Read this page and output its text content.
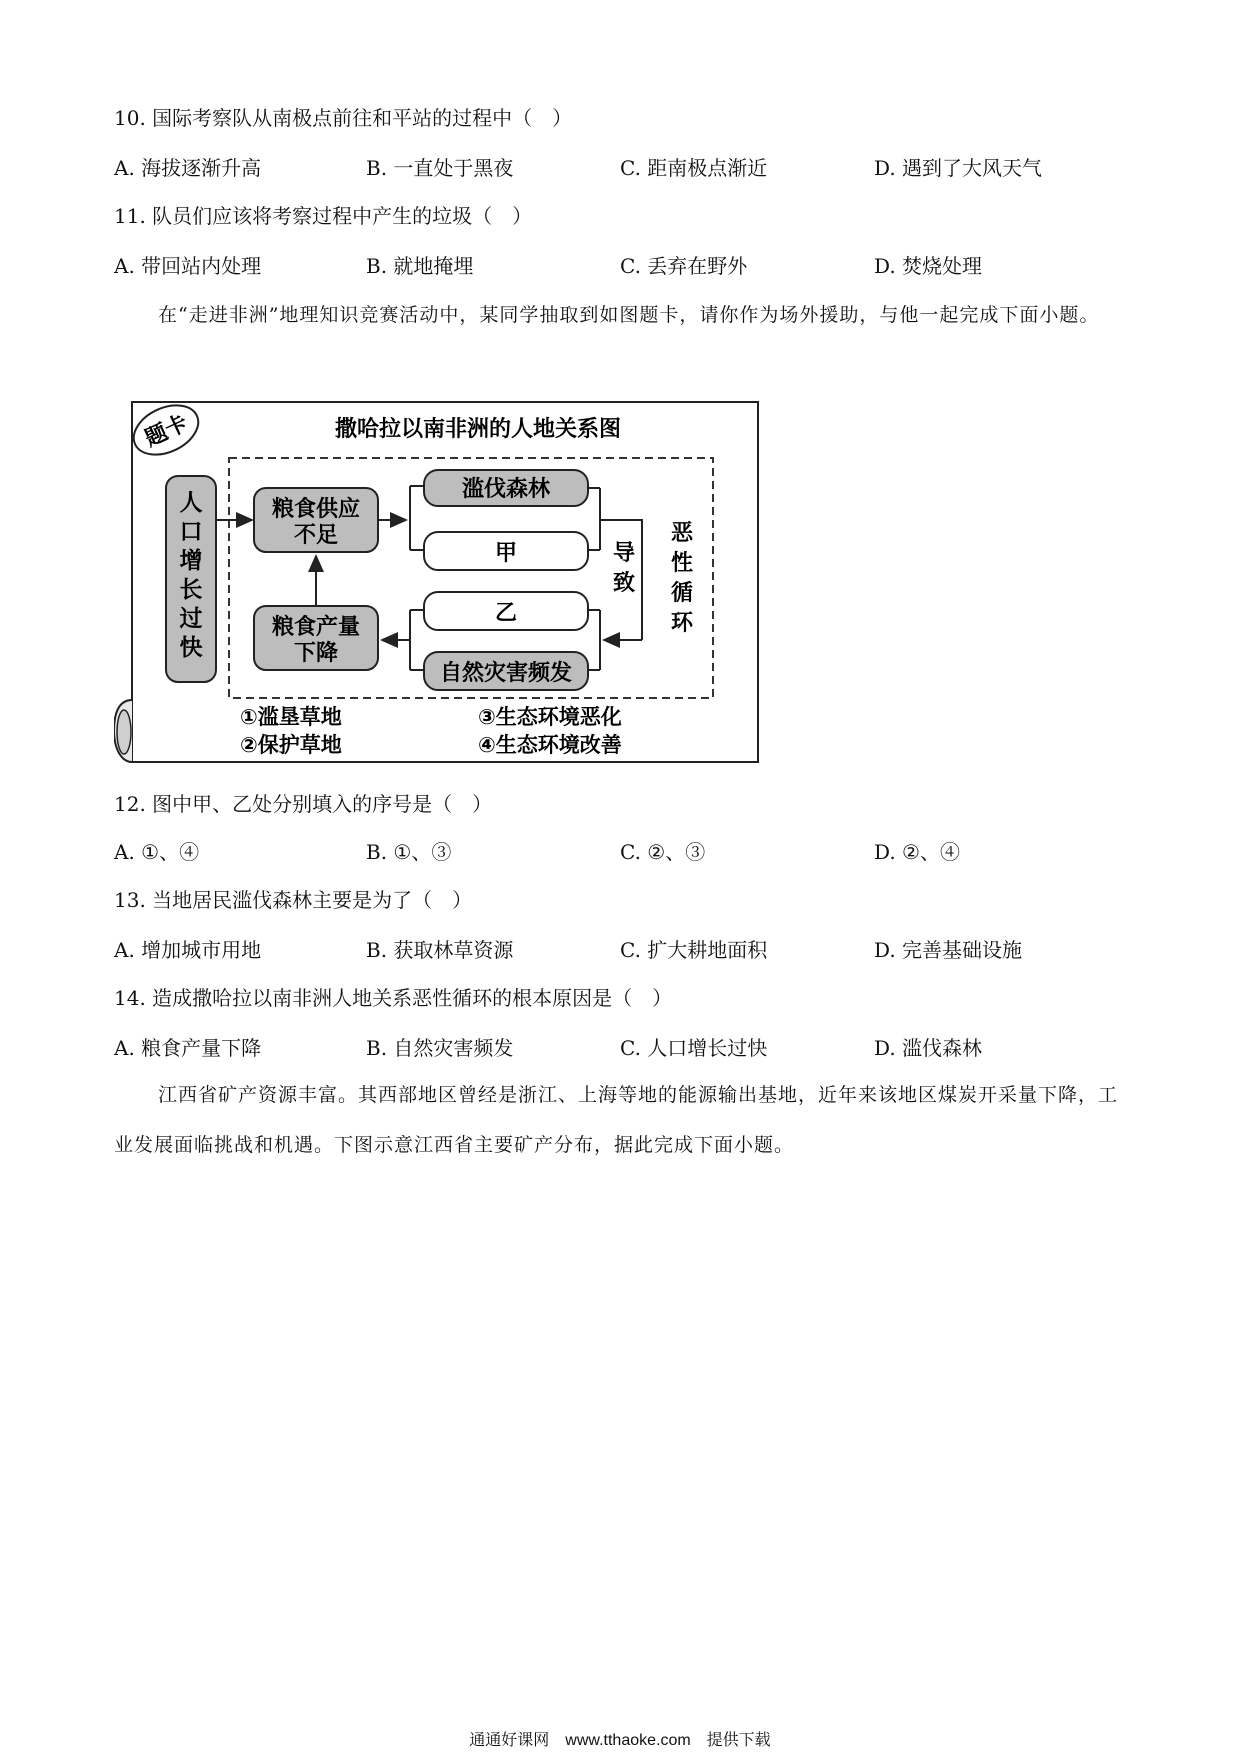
10. 国际考察队从南极点前往和平站的过程中（　）
A. 海拔逐渐升高	B. 一直处于黑夜	C. 距南极点渐近	D. 遇到了大风天气
11. 队员们应该将考察过程中产生的垃圾（　）
A. 带回站内处理	B. 就地掩埋	C. 丢弃在野外	D. 焚烧处理
在“走进非洲”地理知识竞赛活动中，某同学抽取到如图题卡，请你作为场外援助，与他一起完成下面小题。
题卡	撒哈拉以南非洲的人地关系图
人
口
增
长
过
快
粮食供应
不足
滥伐森林
甲	导
致
乙
自然灾害频发
粮食产量
下降
恶
性
循
环
①滥垦草地
②保护草地
③生态环境恶化
④生态环境改善
12. 图中甲、乙处分别填入的序号是（　）
A. ①、④	B. ①、③	C. ②、③	D. ②、④
13. 当地居民滥伐森林主要是为了（　）
A. 增加城市用地	B. 获取林草资源	C. 扩大耕地面积	D. 完善基础设施
14. 造成撒哈拉以南非洲人地关系恶性循环的根本原因是（　）
A. 粮食产量下降	B. 自然灾害频发	C. 人口增长过快	D. 滥伐森林
江西省矿产资源丰富。其西部地区曾经是浙江、上海等地的能源输出基地，近年来该地区煤炭开采量下降，工业发展面临挑战和机遇。下图示意江西省主要矿产分布，据此完成下面小题。
通通好课网　www.tthaoke.com　提供下载
